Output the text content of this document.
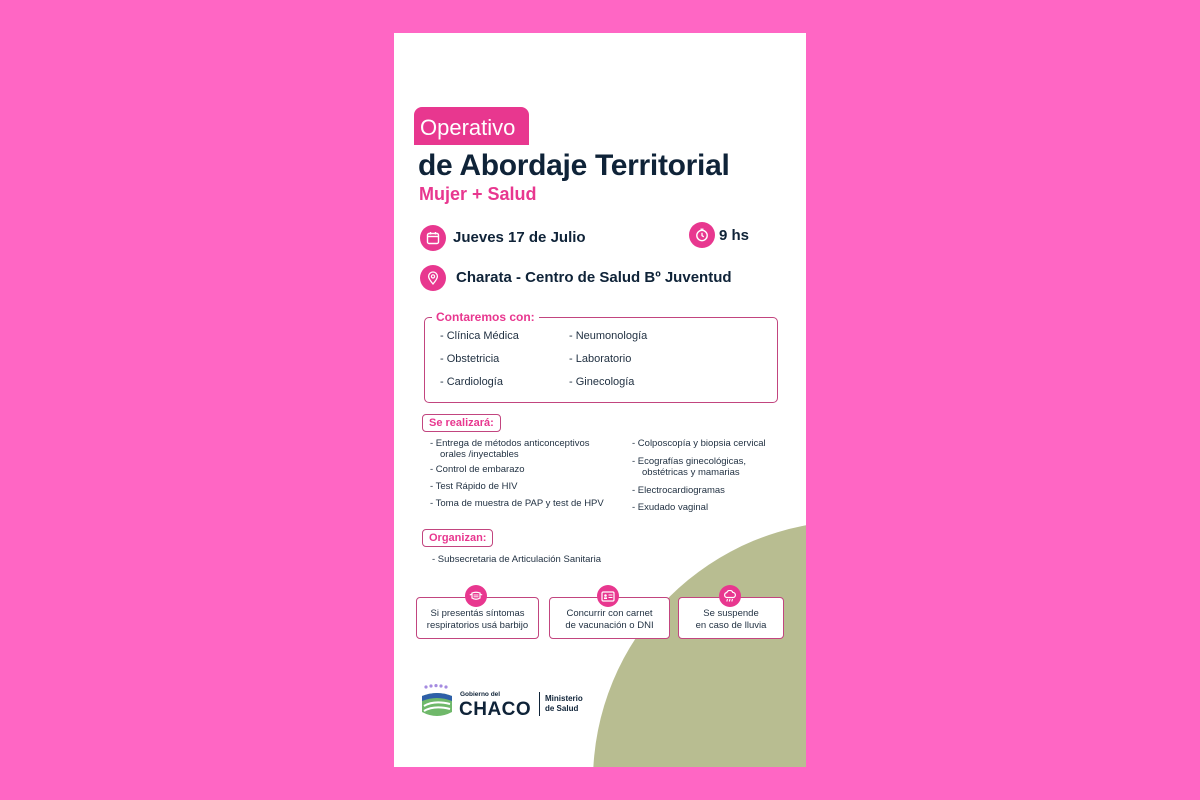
Operativo
de Abordaje Territorial
Mujer + Salud
Jueves 17 de Julio	9 hs
Charata - Centro de Salud Bº Juventud
Contaremos con:
- Clínica Médica
- Obstetricia
- Cardiología
- Neumonología
- Laboratorio
- Ginecología
Se realizará:
- Entrega de métodos anticonceptivos
orales /inyectables
- Control de embarazo
- Test Rápido de HIV
- Toma de muestra de PAP y test de HPV
- Colposcopía y biopsia cervical
- Ecografías ginecológicas,
obstétricas y mamarias
- Electrocardiogramas
- Exudado vaginal
Organizan:
- Subsecretaria de Articulación Sanitaria
Si presentás síntomas
respiratorios usá barbijo
Concurrir con carnet
de vacunación o DNI
Se suspende
en caso de lluvia
Gobierno del
CHACO
Ministerio
de Salud
